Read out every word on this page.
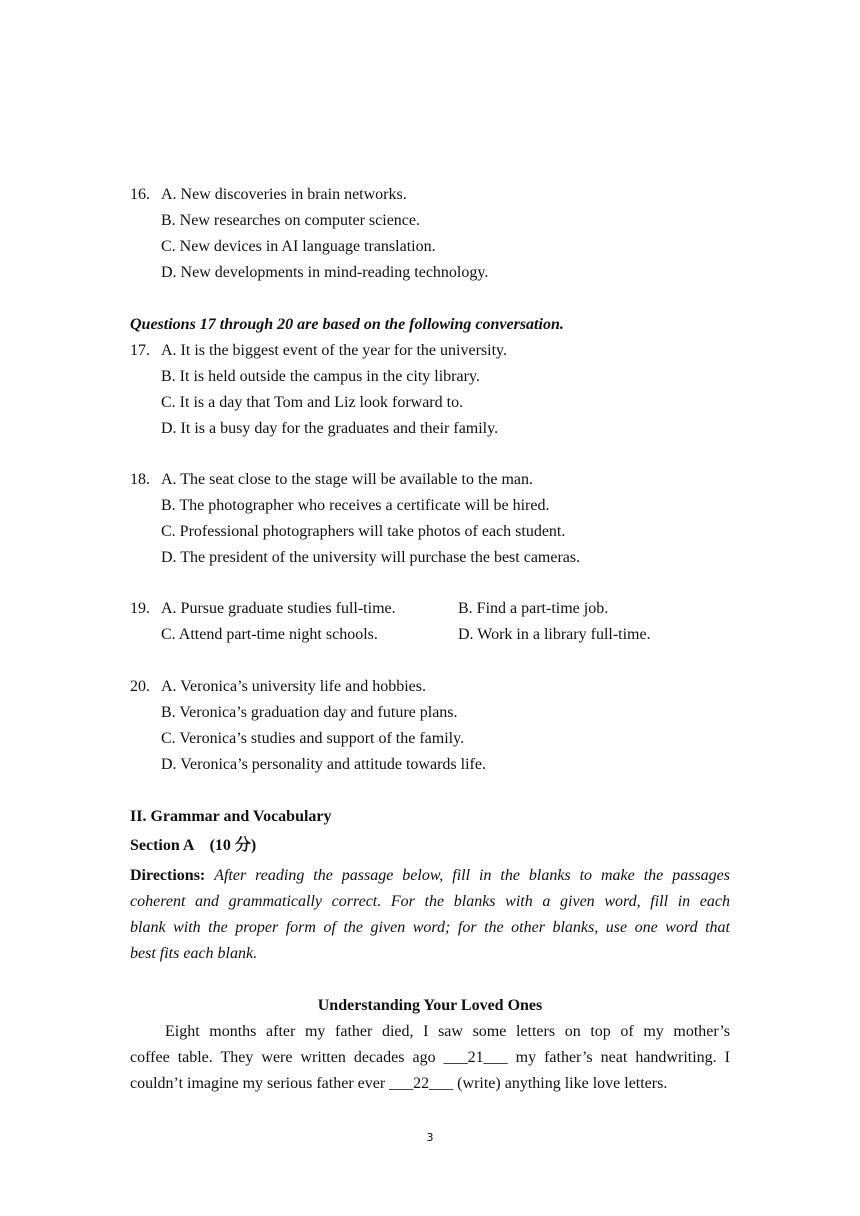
16. A. New discoveries in brain networks.
B. New researches on computer science.
C. New devices in AI language translation.
D. New developments in mind-reading technology.
Questions 17 through 20 are based on the following conversation.
17. A. It is the biggest event of the year for the university.
B. It is held outside the campus in the city library.
C. It is a day that Tom and Liz look forward to.
D. It is a busy day for the graduates and their family.
18. A. The seat close to the stage will be available to the man.
B. The photographer who receives a certificate will be hired.
C. Professional photographers will take photos of each student.
D. The president of the university will purchase the best cameras.
19. A. Pursue graduate studies full-time.	B. Find a part-time job.
C. Attend part-time night schools.	D. Work in a library full-time.
20. A. Veronica’s university life and hobbies.
B. Veronica’s graduation day and future plans.
C. Veronica’s studies and support of the family.
D. Veronica’s personality and attitude towards life.
II. Grammar and Vocabulary
Section A　(10 分)
Directions: After reading the passage below, fill in the blanks to make the passages
coherent and grammatically correct. For the blanks with a given word, fill in each
blank with the proper form of the given word; for the other blanks, use one word that
best fits each blank.
Understanding Your Loved Ones
Eight months after my father died, I saw some letters on top of my mother’s
coffee table. They were written decades ago ___21___ my father’s neat handwriting. I
couldn’t imagine my serious father ever ___22___ (write) anything like love letters.
3
